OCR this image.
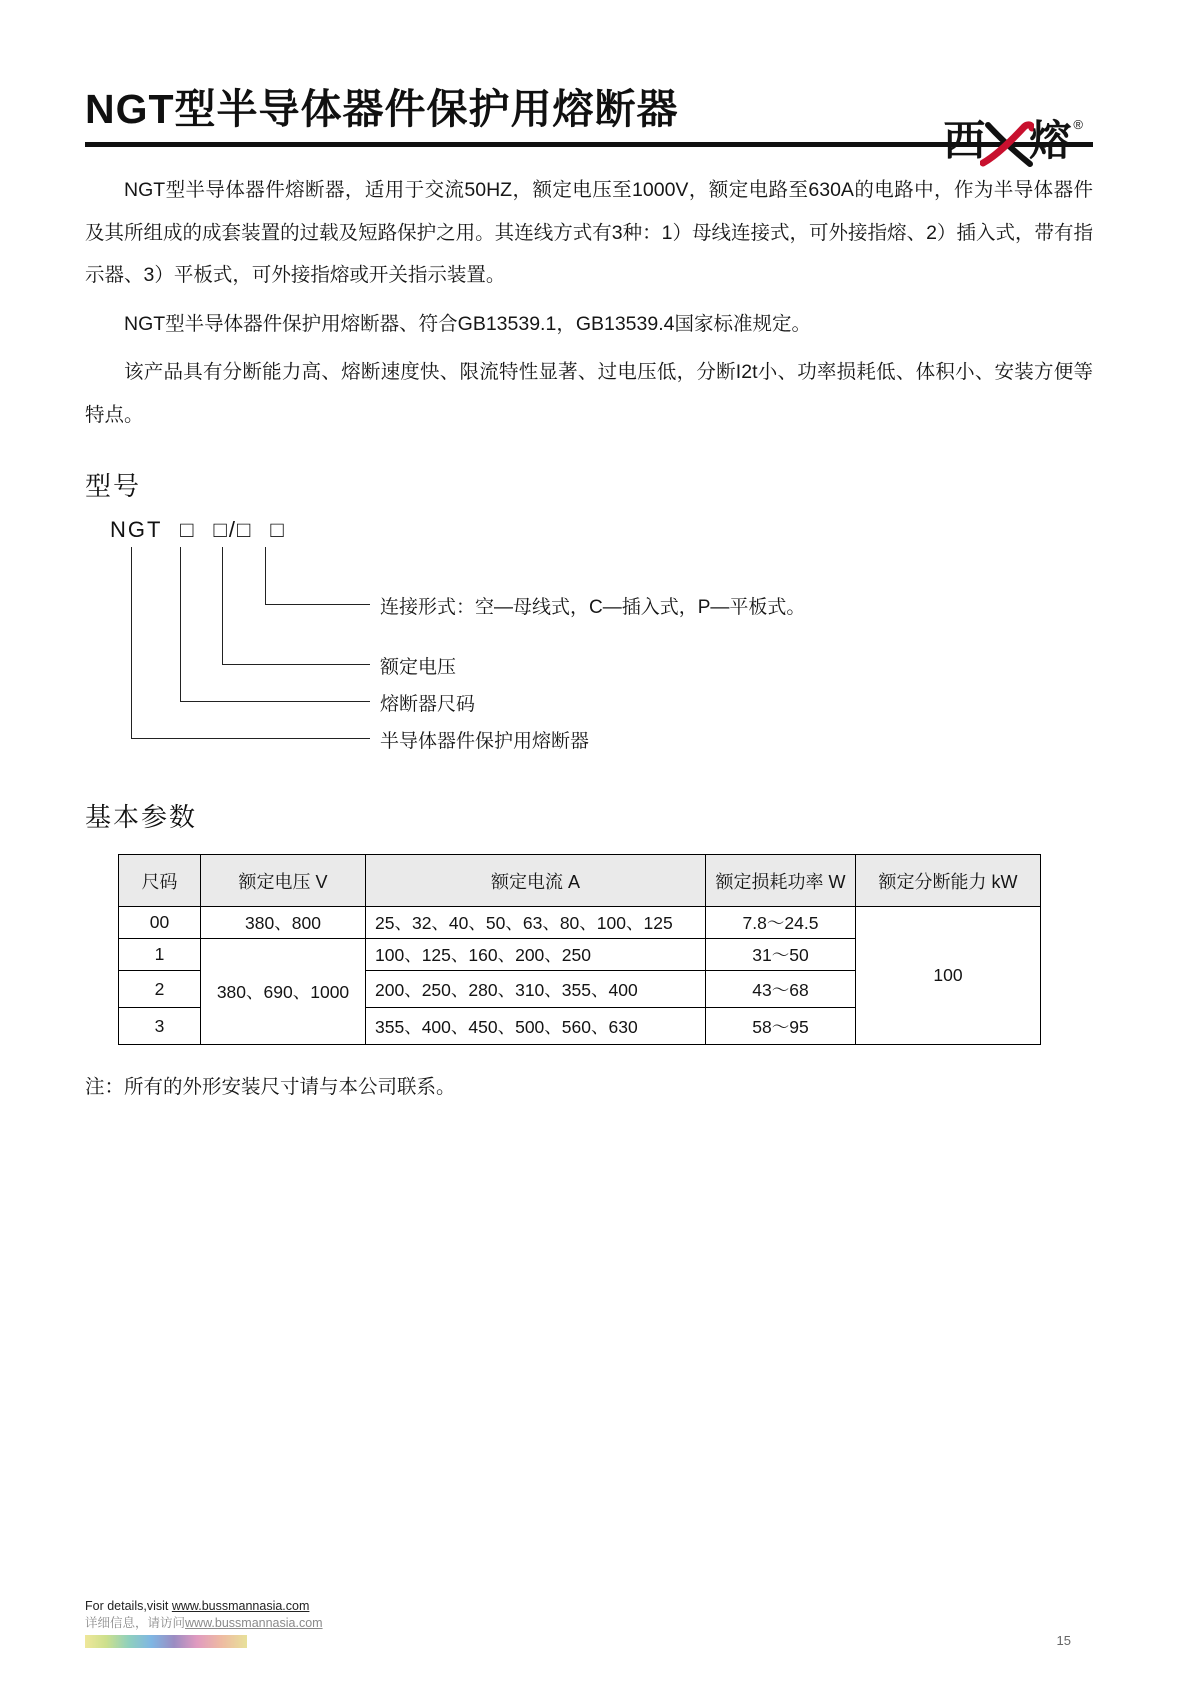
西 熔 ®
NGT型半导体器件保护用熔断器

NGT型半导体器件熔断器，适用于交流50HZ，额定电压至1000V，额定电路至630A的电路中，作为半导体器件及其所组成的成套装置的过载及短路保护之用。其连线方式有3种：1）母线连接式，可外接指熔、2）插入式，带有指示器、3）平板式，可外接指熔或开关指示装置。

NGT型半导体器件保护用熔断器、符合GB13539.1，GB13539.4国家标准规定。

该产品具有分断能力高、熔断速度快、限流特性显著、过电压低，分断I2t小、功率损耗低、体积小、安装方便等特点。

型号
NGT □ □/□ □
连接形式：空—母线式，C—插入式，P—平板式。
额定电压
熔断器尺码
半导体器件保护用熔断器
基本参数
尺码	额定电压 V	额定电流 A	额定损耗功率 W	额定分断能力 kW
00	380、800	25、32、40、50、63、80、100、125	7.8～24.5	100
1	380、690、1000	100、125、160、200、250	31～50	
2		200、250、280、310、355、400	43～68	
3		355、400、450、500、560、630	58～95	

注：所有的外形安装尺寸请与本公司联系。

For details,visit www.bussmannasia.com
详细信息，请访问www.bussmannasia.com
15
